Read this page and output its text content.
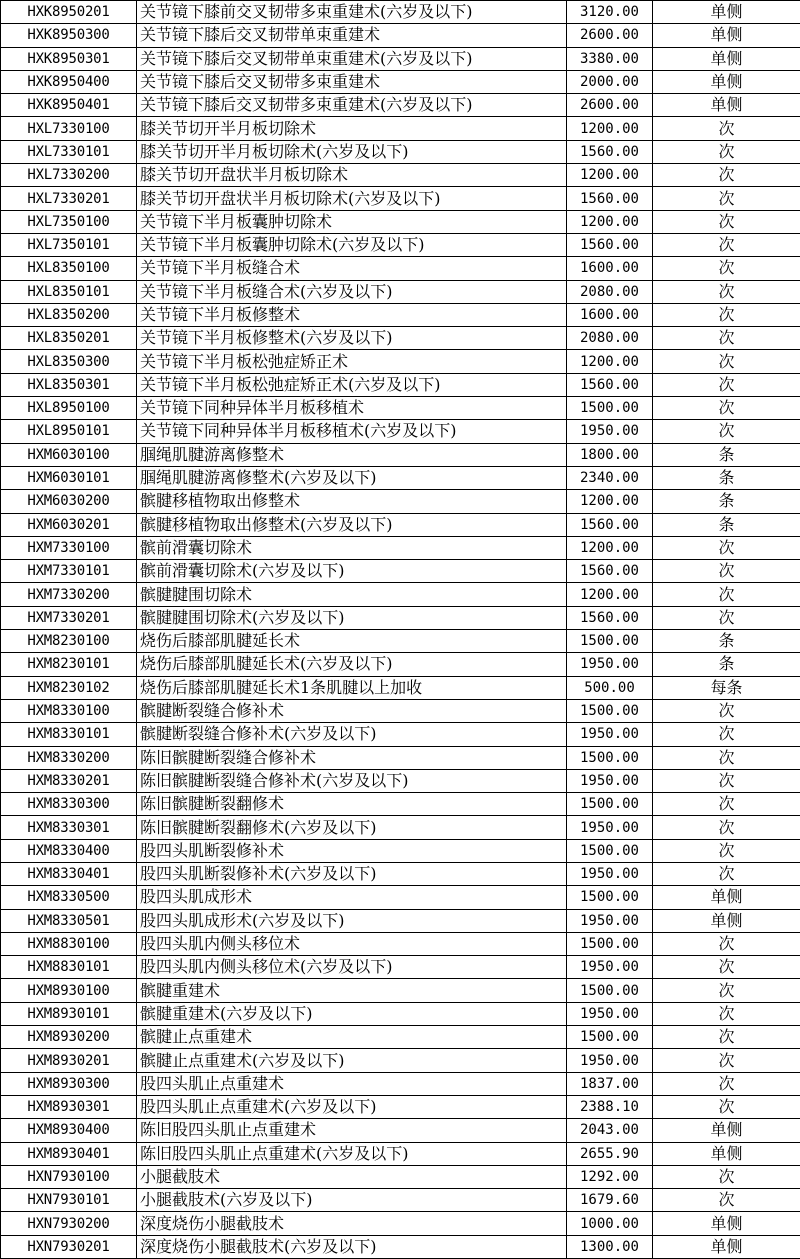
HXK8950201	关节镜下膝前交叉韧带多束重建术(六岁及以下)	3120.00	单侧
HXK8950300	关节镜下膝后交叉韧带单束重建术	2600.00	单侧
HXK8950301	关节镜下膝后交叉韧带单束重建术(六岁及以下)	3380.00	单侧
HXK8950400	关节镜下膝后交叉韧带多束重建术	2000.00	单侧
HXK8950401	关节镜下膝后交叉韧带多束重建术(六岁及以下)	2600.00	单侧
HXL7330100	膝关节切开半月板切除术	1200.00	次
HXL7330101	膝关节切开半月板切除术(六岁及以下)	1560.00	次
HXL7330200	膝关节切开盘状半月板切除术	1200.00	次
HXL7330201	膝关节切开盘状半月板切除术(六岁及以下)	1560.00	次
HXL7350100	关节镜下半月板囊肿切除术	1200.00	次
HXL7350101	关节镜下半月板囊肿切除术(六岁及以下)	1560.00	次
HXL8350100	关节镜下半月板缝合术	1600.00	次
HXL8350101	关节镜下半月板缝合术(六岁及以下)	2080.00	次
HXL8350200	关节镜下半月板修整术	1600.00	次
HXL8350201	关节镜下半月板修整术(六岁及以下)	2080.00	次
HXL8350300	关节镜下半月板松弛症矫正术	1200.00	次
HXL8350301	关节镜下半月板松弛症矫正术(六岁及以下)	1560.00	次
HXL8950100	关节镜下同种异体半月板移植术	1500.00	次
HXL8950101	关节镜下同种异体半月板移植术(六岁及以下)	1950.00	次
HXM6030100	腘绳肌腱游离修整术	1800.00	条
HXM6030101	腘绳肌腱游离修整术(六岁及以下)	2340.00	条
HXM6030200	髌腱移植物取出修整术	1200.00	条
HXM6030201	髌腱移植物取出修整术(六岁及以下)	1560.00	条
HXM7330100	髌前滑囊切除术	1200.00	次
HXM7330101	髌前滑囊切除术(六岁及以下)	1560.00	次
HXM7330200	髌腱腱围切除术	1200.00	次
HXM7330201	髌腱腱围切除术(六岁及以下)	1560.00	次
HXM8230100	烧伤后膝部肌腱延长术	1500.00	条
HXM8230101	烧伤后膝部肌腱延长术(六岁及以下)	1950.00	条
HXM8230102	烧伤后膝部肌腱延长术1条肌腱以上加收	500.00	每条
HXM8330100	髌腱断裂缝合修补术	1500.00	次
HXM8330101	髌腱断裂缝合修补术(六岁及以下)	1950.00	次
HXM8330200	陈旧髌腱断裂缝合修补术	1500.00	次
HXM8330201	陈旧髌腱断裂缝合修补术(六岁及以下)	1950.00	次
HXM8330300	陈旧髌腱断裂翻修术	1500.00	次
HXM8330301	陈旧髌腱断裂翻修术(六岁及以下)	1950.00	次
HXM8330400	股四头肌断裂修补术	1500.00	次
HXM8330401	股四头肌断裂修补术(六岁及以下)	1950.00	次
HXM8330500	股四头肌成形术	1500.00	单侧
HXM8330501	股四头肌成形术(六岁及以下)	1950.00	单侧
HXM8830100	股四头肌内侧头移位术	1500.00	次
HXM8830101	股四头肌内侧头移位术(六岁及以下)	1950.00	次
HXM8930100	髌腱重建术	1500.00	次
HXM8930101	髌腱重建术(六岁及以下)	1950.00	次
HXM8930200	髌腱止点重建术	1500.00	次
HXM8930201	髌腱止点重建术(六岁及以下)	1950.00	次
HXM8930300	股四头肌止点重建术	1837.00	次
HXM8930301	股四头肌止点重建术(六岁及以下)	2388.10	次
HXM8930400	陈旧股四头肌止点重建术	2043.00	单侧
HXM8930401	陈旧股四头肌止点重建术(六岁及以下)	2655.90	单侧
HXN7930100	小腿截肢术	1292.00	次
HXN7930101	小腿截肢术(六岁及以下)	1679.60	次
HXN7930200	深度烧伤小腿截肢术	1000.00	单侧
HXN7930201	深度烧伤小腿截肢术(六岁及以下)	1300.00	单侧
